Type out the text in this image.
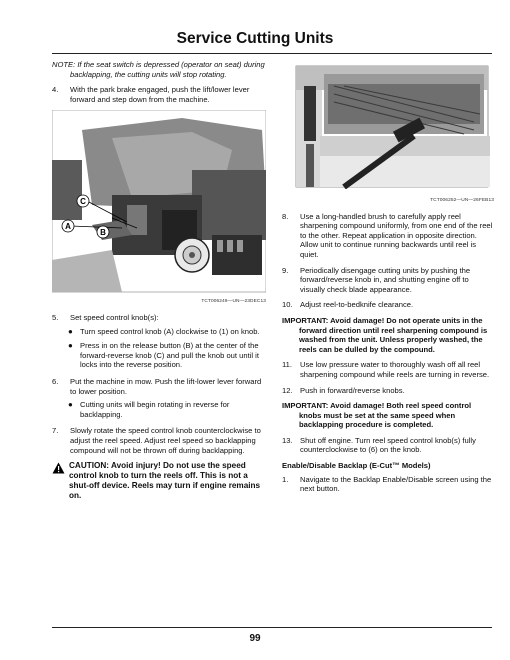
Service Cutting Units

NOTE: If the seat switch is depressed (operator on seat) during backlapping, the cutting units will stop rotating.

4. With the park brake engaged, push the lift/lower lever forward and step down from the machine.

C
A
B
TCT006249—UN—23DEC13

5. Set speed control knob(s):

● Turn speed control knob (A) clockwise to (1) on knob.
● Press in on the release button (B) at the center of the forward-reverse knob (C) and pull the knob out until it locks into the reverse position.

6. Put the machine in mow. Push the lift-lower lever forward to lower position.

● Cutting units will begin rotating in reverse for backlapping.

7. Slowly rotate the speed control knob counterclockwise to adjust the reel speed. Adjust reel speed so backlapping compound will not be thrown off during backlapping.

CAUTION: Avoid injury! Do not use the speed control knob to turn the reels off. This is not a shut-off device. Reels may turn if engine remains on.
TCT006252—UN—26FEB13

8. Use a long-handled brush to carefully apply reel sharpening compound uniformly, from one end of the reel to the other. Repeat application in opposite direction. Allow unit to continue running backwards until reel is quiet.

9. Periodically disengage cutting units by pushing the forward/reverse knob in, and shutting engine off to visually check blade appearance.

10. Adjust reel-to-bedknife clearance.

IMPORTANT: Avoid damage! Do not operate units in the forward direction until reel sharpening compound is washed from the unit. Unless properly washed, the reels can be dulled by the compound.

11. Use low pressure water to thoroughly wash off all reel sharpening compound while reels are turning in reverse.

12. Push in forward/reverse knobs.

IMPORTANT: Avoid damage! Both reel speed control knobs must be set at the same speed when backlapping procedure is completed.

13. Shut off engine. Turn reel speed control knob(s) fully counterclockwise to (6) on the knob.

Enable/Disable Backlap (E-Cut™ Models)

1. Navigate to the Backlap Enable/Disable screen using the next button.

99
